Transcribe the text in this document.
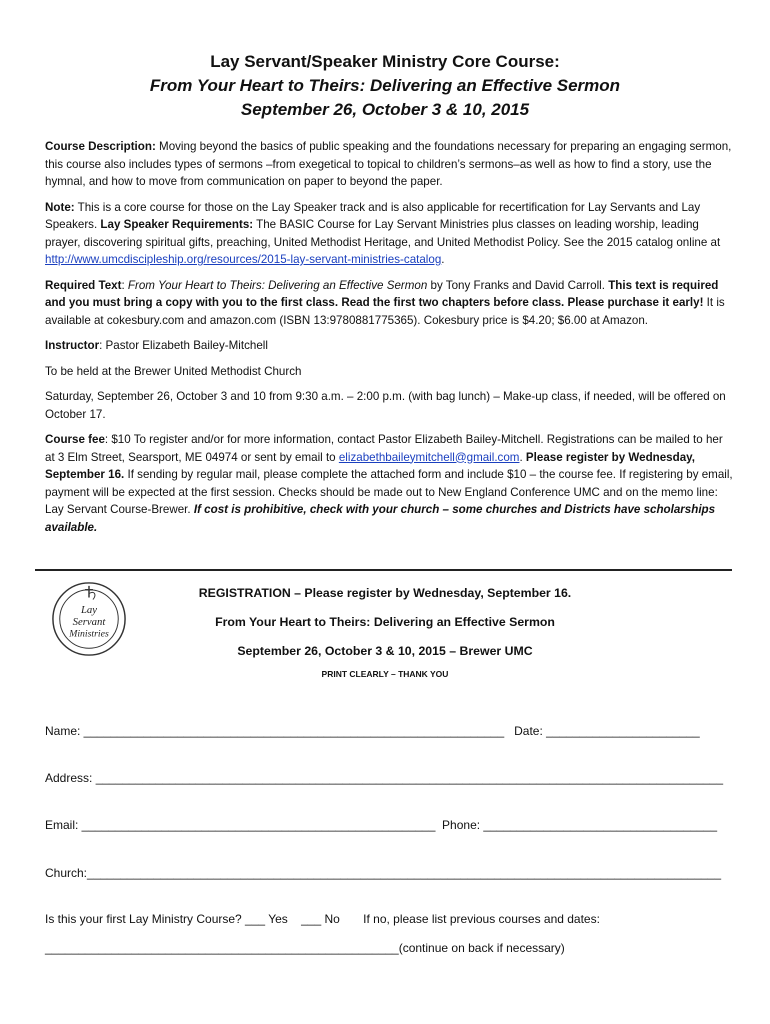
Lay Servant/Speaker Ministry Core Course:
From Your Heart to Theirs: Delivering an Effective Sermon
September 26, October 3 & 10, 2015

Course Description: Moving beyond the basics of public speaking and the foundations necessary for preparing an engaging sermon, this course also includes types of sermons –from exegetical to topical to children’s sermons–as well as how to find a story, use the hymnal, and how to move from communication on paper to beyond the paper.

Note: This is a core course for those on the Lay Speaker track and is also applicable for recertification for Lay Servants and Lay Speakers. Lay Speaker Requirements: The BASIC Course for Lay Servant Ministries plus classes on leading worship, leading prayer, discovering spiritual gifts, preaching, United Methodist Heritage, and United Methodist Policy. See the 2015 catalog online at http://www.umcdiscipleship.org/resources/2015-lay-servant-ministries-catalog.

Required Text: From Your Heart to Theirs: Delivering an Effective Sermon by Tony Franks and David Carroll. This text is required and you must bring a copy with you to the first class. Read the first two chapters before class. Please purchase it early! It is available at cokesbury.com and amazon.com (ISBN 13:9780881775365). Cokesbury price is $4.20; $6.00 at Amazon.

Instructor: Pastor Elizabeth Bailey-Mitchell

To be held at the Brewer United Methodist Church

Saturday, September 26, October 3 and 10 from 9:30 a.m. – 2:00 p.m. (with bag lunch) – Make-up class, if needed, will be offered on October 17.

Course fee: $10 To register and/or for more information, contact Pastor Elizabeth Bailey-Mitchell. Registrations can be mailed to her at 3 Elm Street, Searsport, ME 04974 or sent by email to elizabethbaileymitchell@gmail.com. Please register by Wednesday, September 16. If sending by regular mail, please complete the attached form and include $10 – the course fee. If registering by email, payment will be expected at the first session. Checks should be made out to New England Conference UMC and on the memo line: Lay Servant Course-Brewer. If cost is prohibitive, check with your church – some churches and Districts have scholarships available.

Lay
Servant
Ministries
REGISTRATION – Please register by Wednesday, September 16.
From Your Heart to Theirs: Delivering an Effective Sermon
September 26, October 3 & 10, 2015 – Brewer UMC
PRINT CLEARLY – THANK YOU
Name: _______________________________________________________________   Date: _______________________
Address: ______________________________________________________________________________________________
Email: _____________________________________________________  Phone: ___________________________________
Church:_______________________________________________________________________________________________
Is this your first Lay Ministry Course? ___ Yes    ___ No       If no, please list previous courses and dates:
_____________________________________________________(continue on back if necessary)
